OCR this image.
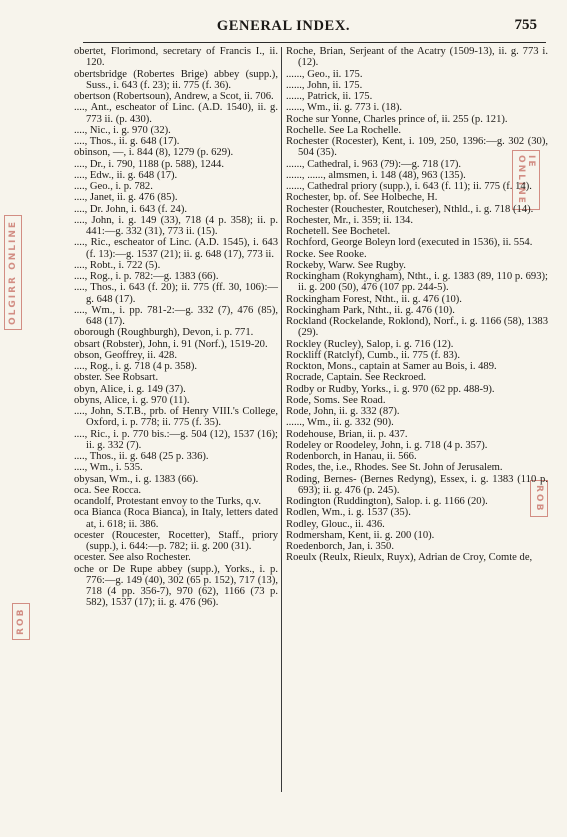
GENERAL INDEX.	755
OLGIRR ONLINE
ROB
IE ONLINE
ROB

obertet, Florimond, secretary of Francis I., ii. 120.

obertsbridge (Robertes Brige) abbey (supp.), Suss., i. 643 (f. 23); ii. 775 (f. 36).

obertson (Robertsoun), Andrew, a Scot, ii. 706.

...., Ant., escheator of Linc. (A.D. 1540), ii. g. 773 ii. (p. 430).

...., Nic., i. g. 970 (32).

...., Thos., ii. g. 648 (17).

obinson, —, i. 844 (8), 1279 (p. 629).

...., Dr., i. 790, 1188 (p. 588), 1244.

...., Edw., ii. g. 648 (17).

...., Geo., i. p. 782.

...., Janet, ii. g. 476 (85).

...., Dr. John, i. 643 (f. 24).

...., John, i. g. 149 (33), 718 (4 p. 358); ii. p. 441:—g. 332 (31), 773 ii. (15).

...., Ric., escheator of Linc. (A.D. 1545), i. 643 (f. 13):—g. 1537 (21); ii. g. 648 (17), 773 ii.

...., Robt., i. 722 (5).

...., Rog., i. p. 782:—g. 1383 (66).

...., Thos., i. 643 (f. 20); ii. 775 (ff. 30, 106):—g. 648 (17).

...., Wm., i. pp. 781-2:—g. 332 (7), 476 (85), 648 (17).

oborough (Roughburgh), Devon, i. p. 771.

obsart (Robster), John, i. 91 (Norf.), 1519-20.

obson, Geoffrey, ii. 428.

...., Rog., i. g. 718 (4 p. 358).

obster. See Robsart.

obyn, Alice, i. g. 149 (37).

obyns, Alice, i. g. 970 (11).

...., John, S.T.B., prb. of Henry VIII.'s College, Oxford, i. p. 778; ii. 775 (f. 35).

...., Ric., i. p. 770 bis.:—g. 504 (12), 1537 (16); ii. g. 332 (7).

...., Thos., ii. g. 648 (25 p. 336).

...., Wm., i. 535.

obysan, Wm., i. g. 1383 (66).

oca. See Rocca.

ocandolf, Protestant envoy to the Turks, q.v.

oca Bianca (Roca Bianca), in Italy, letters dated at, i. 618; ii. 386.

ocester (Roucester, Rocetter), Staff., priory (supp.), i. 644:—p. 782; ii. g. 200 (31).

ocester. See also Rochester.

oche or De Rupe abbey (supp.), Yorks., i. p. 776:—g. 149 (40), 302 (65 p. 152), 717 (13), 718 (4 pp. 356-7), 970 (62), 1166 (73 p. 582), 1537 (17); ii. g. 476 (96).

Roche, Brian, Serjeant of the Acatry (1509-13), ii. g. 773 i. (12).

......, Geo., ii. 175.

......, John, ii. 175.

......, Patrick, ii. 175.

......, Wm., ii. g. 773 i. (18).

Roche sur Yonne, Charles prince of, ii. 255 (p. 121).

Rochelle. See La Rochelle.

Rochester (Rocester), Kent, i. 109, 250, 1396:—g. 302 (30), 504 (35).

......, Cathedral, i. 963 (79):—g. 718 (17).

......, ......, almsmen, i. 148 (48), 963 (135).

......, Cathedral priory (supp.), i. 643 (f. 11); ii. 775 (f. 14).

Rochester, bp. of. See Holbeche, H.

Rochester (Rouchester, Routcheser), Nthld., i. g. 718 (14).

Rochester, Mr., i. 359; ii. 134.

Rochetell. See Bochetel.

Rochford, George Boleyn lord (executed in 1536), ii. 554.

Rocke. See Rooke.

Rockeby, Warw. See Rugby.

Rockingham (Rokyngham), Ntht., i. g. 1383 (89, 110 p. 693); ii. g. 200 (50), 476 (107 pp. 244-5).

Rockingham Forest, Ntht., ii. g. 476 (10).

Rockingham Park, Ntht., ii. g. 476 (10).

Rockland (Rockelande, Roklond), Norf., i. g. 1166 (58), 1383 (29).

Rockley (Rucley), Salop, i. g. 716 (12).

Rockliff (Ratclyf), Cumb., ii. 775 (f. 83).

Rockton, Mons., captain at Samer au Bois, i. 489.

Rocrade, Captain. See Reckroed.

Rodby or Rudby, Yorks., i. g. 970 (62 pp. 488-9).

Rode, Soms. See Road.

Rode, John, ii. g. 332 (87).

......, Wm., ii. g. 332 (90).

Rodehouse, Brian, ii. p. 437.

Rodeley or Roodeley, John, i. g. 718 (4 p. 357).

Rodenborch, in Hanau, ii. 566.

Rodes, the, i.e., Rhodes. See St. John of Jerusalem.

Roding, Bernes- (Bernes Redyng), Essex, i. g. 1383 (110 p. 693); ii. g. 476 (p. 245).

Rodington (Ruddington), Salop. i. g. 1166 (20).

Rodlen, Wm., i. g. 1537 (35).

Rodley, Glouc., ii. 436.

Rodmersham, Kent, ii. g. 200 (10).

Roedenborch, Jan, i. 350.

Roeulx (Reulx, Rieulx, Ruyx), Adrian de Croy, Comte de,
